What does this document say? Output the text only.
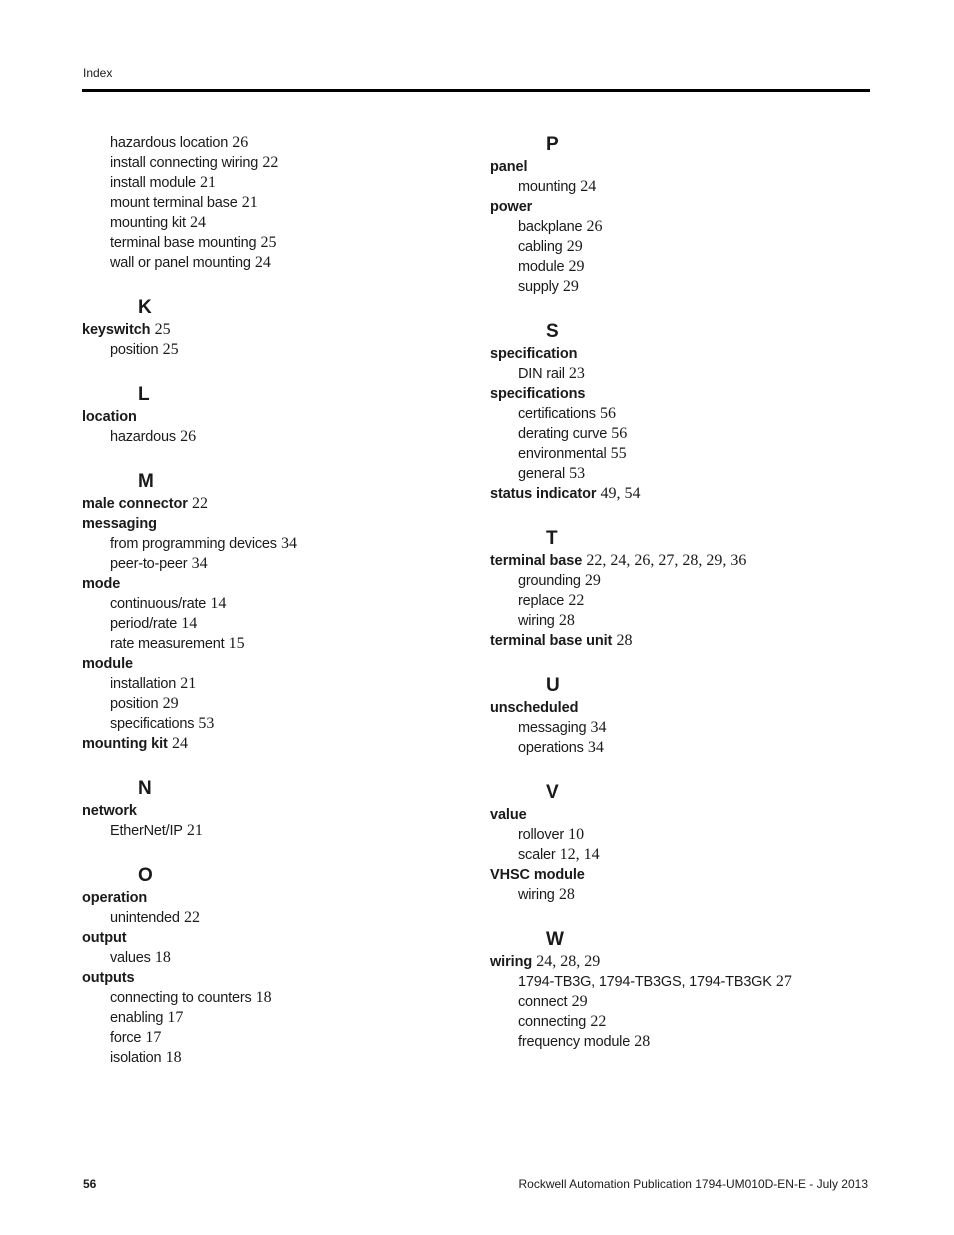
Index
hazardous location 26
install connecting wiring 22
install module 21
mount terminal base 21
mounting kit 24
terminal base mounting 25
wall or panel mounting 24
K
keyswitch 25
position 25
L
location
hazardous 26
M
male connector 22
messaging
from programming devices 34
peer-to-peer 34
mode
continuous/rate 14
period/rate 14
rate measurement 15
module
installation 21
position 29
specifications 53
mounting kit 24
N
network
EtherNet/IP 21
O
operation
unintended 22
output
values 18
outputs
connecting to counters 18
enabling 17
force 17
isolation 18
P
panel
mounting 24
power
backplane 26
cabling 29
module 29
supply 29
S
specification
DIN rail 23
specifications
certifications 56
derating curve 56
environmental 55
general 53
status indicator 49, 54
T
terminal base 22, 24, 26, 27, 28, 29, 36
grounding 29
replace 22
wiring 28
terminal base unit 28
U
unscheduled
messaging 34
operations 34
V
value
rollover 10
scaler 12, 14
VHSC module
wiring 28
W
wiring 24, 28, 29
1794-TB3G, 1794-TB3GS, 1794-TB3GK 27
connect 29
connecting 22
frequency module 28
56	Rockwell Automation Publication 1794-UM010D-EN-E - July 2013
